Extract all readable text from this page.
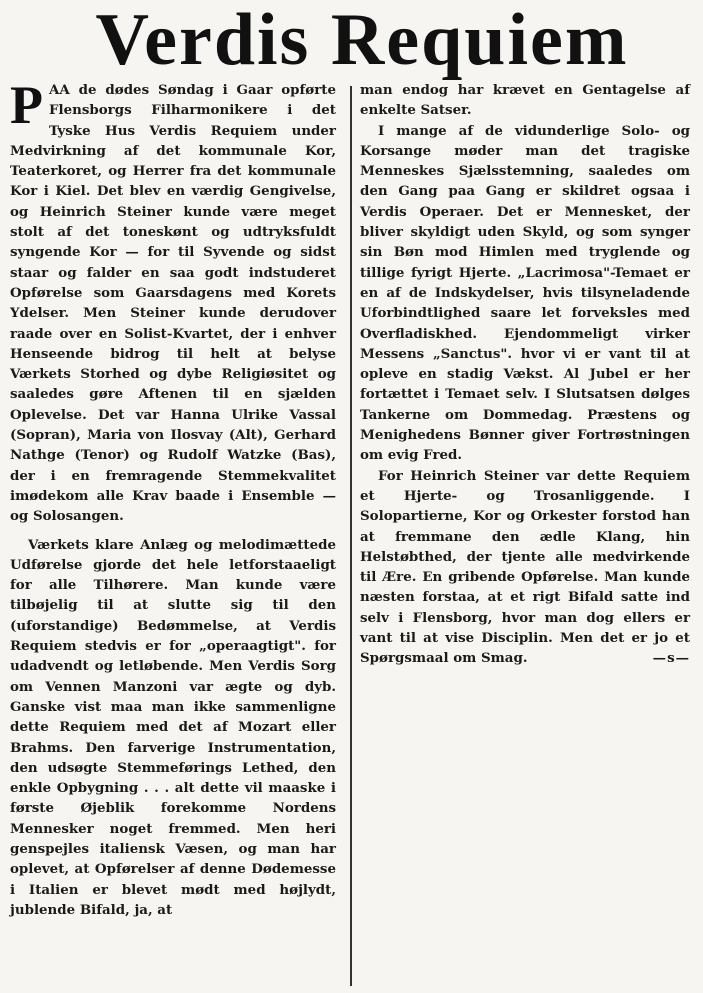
Verdis Requiem

PAA de dødes Søndag i Gaar opførte Flensborgs Filharmonikere i det Tyske Hus Verdis Requiem under Medvirkning af det kommunale Kor, Teaterkoret, og Herrer fra det kommunale Kor i Kiel. Det blev en værdig Gengivelse, og Heinrich Steiner kunde være meget stolt af det toneskønt og udtryksfuldt syngende Kor — for til Syvende og sidst staar og falder en saa godt indstuderet Opførelse som Gaarsdagens med Korets Ydelser. Men Steiner kunde derudover raade over en Solist-Kvartet, der i enhver Henseende bidrog til helt at belyse Værkets Storhed og dybe Religiøsitet og saaledes gøre Aftenen til en sjælden Oplevelse. Det var Hanna Ulrike Vassal (Sopran), Maria von Ilosvay (Alt), Gerhard Nathge (Tenor) og Rudolf Watzke (Bas), der i en fremragende Stemmekvalitet imødekom alle Krav baade i Ensemble — og Solosangen.

Værkets klare Anlæg og melodimættede Udførelse gjorde det hele letforstaaeligt for alle Tilhørere. Man kunde være tilbøjelig til at slutte sig til den (uforstandige) Bedømmelse, at Verdis Requiem stedvis er for „operaagtigt". for udadvendt og letløbende. Men Verdis Sorg om Vennen Manzoni var ægte og dyb. Ganske vist maa man ikke sammenligne dette Requiem med det af Mozart eller Brahms. Den farverige Instrumentation, den udsøgte Stemmeførings Lethed, den enkle Opbygning . . . alt dette vil maaske i første Øjeblik forekomme Nordens Mennesker noget fremmed. Men heri genspejles italiensk Væsen, og man har oplevet, at Opførelser af denne Dødemesse i Italien er blevet mødt med højlydt, jublende Bifald, ja, at

man endog har krævet en Gentagelse af enkelte Satser.

I mange af de vidunderlige Solo- og Korsange møder man det tragiske Menneskes Sjælsstemning, saaledes om den Gang paa Gang er skildret ogsaa i Verdis Operaer. Det er Mennesket, der bliver skyldigt uden Skyld, og som synger sin Bøn mod Himlen med tryglende og tillige fyrigt Hjerte. „Lacrimosa"-Temaet er en af de Indskydelser, hvis tilsyneladende Uforbindtlighed saare let forveksles med Overfladiskhed. Ejendommeligt virker Messens „Sanctus". hvor vi er vant til at opleve en stadig Vækst. Al Jubel er her fortættet i Temaet selv. I Slutsatsen dølges Tankerne om Dommedag. Præstens og Menighedens Bønner giver Fortrøstningen om evig Fred.

For Heinrich Steiner var dette Requiem et Hjerte- og Trosanliggende. I Solopartierne, Kor og Orkester forstod han at fremmane den ædle Klang, hin Helstøbthed, der tjente alle medvirkende til Ære. En gribende Opførelse. Man kunde næsten forstaa, at et rigt Bifald satte ind selv i Flensborg, hvor man dog ellers er vant til at vise Disciplin. Men det er jo et Spørgsmaal om Smag.	—s—
